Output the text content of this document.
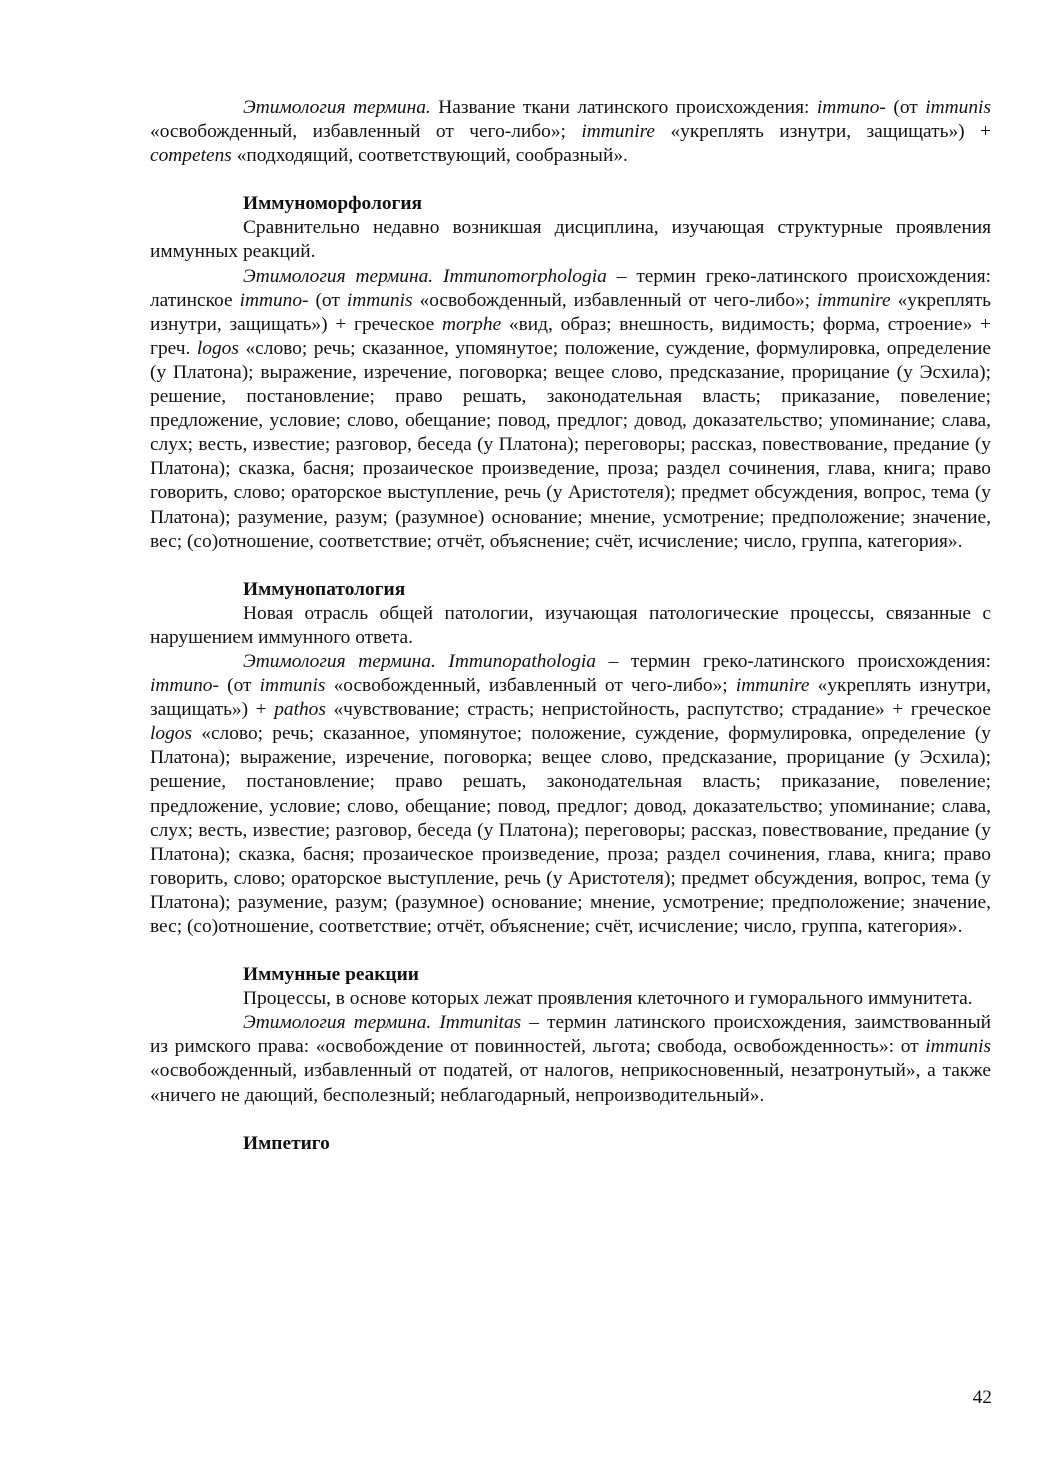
Этимология термина. Название ткани латинского происхождения: immuno- (от immunis «освобожденный, избавленный от чего-либо»; immunire «укреплять изнутри, защищать») + competens «подходящий, соответствующий, сообразный».

Иммуноморфология

Сравнительно недавно возникшая дисциплина, изучающая структурные проявления иммунных реакций.

Этимология термина. Immunomorphologia – термин греко-латинского происхождения: латинское immuno- (от immunis «освобожденный, избавленный от чего-либо»; immunire «укреплять изнутри, защищать») + греческое morphe «вид, образ; внешность, видимость; форма, строение» + греч. logos «слово; речь; сказанное, упомянутое; положение, суждение, формулировка, определение (у Платона); выражение, изречение, поговорка; вещее слово, предсказание, прорицание (у Эсхила); решение, постановление; право решать, законодательная власть; приказание, повеление; предложение, условие; слово, обещание; повод, предлог; довод, доказательство; упоминание; слава, слух; весть, известие; разговор, беседа (у Платона); переговоры; рассказ, повествование, предание (у Платона); сказка, басня; прозаическое произведение, проза; раздел сочинения, глава, книга; право говорить, слово; ораторское выступление, речь (у Аристотеля); предмет обсуждения, вопрос, тема (у Платона); разумение, разум; (разумное) основание; мнение, усмотрение; предположение; значение, вес; (со)отношение, соответствие; отчёт, объяснение; счёт, исчисление; число, группа, категория».

Иммунопатология

Новая отрасль общей патологии, изучающая патологические процессы, связанные с нарушением иммунного ответа.

Этимология термина. Immunopathologia – термин греко-латинского происхождения: immuno- (от immunis «освобожденный, избавленный от чего-либо»; immunire «укреплять изнутри, защищать») + pathos «чувствование; страсть; непристойность, распутство; страдание» + греческое logos «слово; речь; сказанное, упомянутое; положение, суждение, формулировка, определение (у Платона); выражение, изречение, поговорка; вещее слово, предсказание, прорицание (у Эсхила); решение, постановление; право решать, законодательная власть; приказание, повеление; предложение, условие; слово, обещание; повод, предлог; довод, доказательство; упоминание; слава, слух; весть, известие; разговор, беседа (у Платона); переговоры; рассказ, повествование, предание (у Платона); сказка, басня; прозаическое произведение, проза; раздел сочинения, глава, книга; право говорить, слово; ораторское выступление, речь (у Аристотеля); предмет обсуждения, вопрос, тема (у Платона); разумение, разум; (разумное) основание; мнение, усмотрение; предположение; значение, вес; (со)отношение, соответствие; отчёт, объяснение; счёт, исчисление; число, группа, категория».

Иммунные реакции

Процессы, в основе которых лежат проявления клеточного и гуморального иммунитета.

Этимология термина. Immunitas – термин латинского происхождения, заимствованный из римского права: «освобождение от повинностей, льгота; свобода, освобожденность»: от immunis «освобожденный, избавленный от податей, от налогов, неприкосновенный, незатронутый», а также «ничего не дающий, бесполезный; неблагодарный, непроизводительный».

Импетиго
42
